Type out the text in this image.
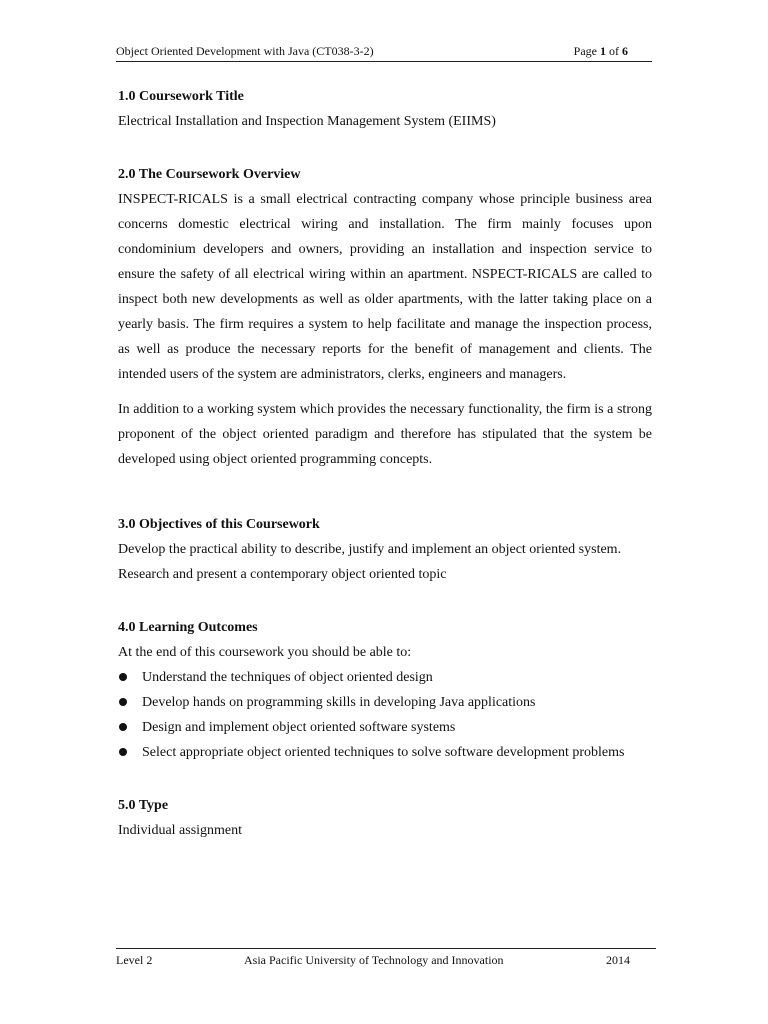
Object Oriented Development with Java (CT038-3-2)	Page 1 of 6
1.0 Coursework Title

Electrical Installation and Inspection Management System (EIIMS)

2.0 The Coursework Overview

INSPECT-RICALS is a small electrical contracting company whose principle business area concerns domestic electrical wiring and installation. The firm mainly focuses upon condominium developers and owners, providing an installation and inspection service to ensure the safety of all electrical wiring within an apartment. NSPECT-RICALS are called to inspect both new developments as well as older apartments, with the latter taking place on a yearly basis. The firm requires a system to help facilitate and manage the inspection process, as well as produce the necessary reports for the benefit of management and clients. The intended users of the system are administrators, clerks, engineers and managers.

In addition to a working system which provides the necessary functionality, the firm is a strong proponent of the object oriented paradigm and therefore has stipulated that the system be developed using object oriented programming concepts.

3.0 Objectives of this Coursework

Develop the practical ability to describe, justify and implement an object oriented system.

Research and present a contemporary object oriented topic

4.0 Learning Outcomes

At the end of this coursework you should be able to:

Understand the techniques of object oriented design
Develop hands on programming skills in developing Java applications
Design and implement object oriented software systems
Select appropriate object oriented techniques to solve software development problems
5.0 Type

Individual assignment

Level 2	Asia Pacific University of Technology and Innovation	2014
